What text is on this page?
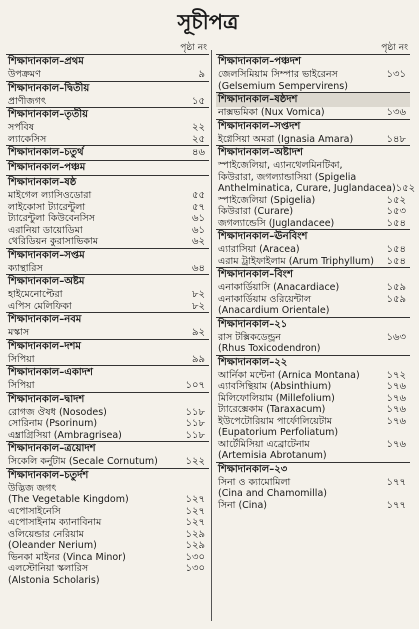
সূচীপত্র
পৃষ্ঠা নং
শিক্ষাদানকাল–প্রথম
উপক্রমণ	৯
শিক্ষাদানকাল–দ্বিতীয়
প্রাণীজগৎ	১৫
শিক্ষাদানকাল–তৃতীয়
সর্পবিষ	২২
ল্যাকেসিস	২৫
শিক্ষাদানকাল–চতুর্থ	৪৬
শিক্ষাদানকাল–পঞ্চম
শিক্ষাদানকাল–ষষ্ঠ
মাইগেল ল্যাসিওডোরা	৫৫
লাইকোসা ট্যারেন্টুলা	৫৭
ট্যারেন্টুলা কিউবেনসিস	৬১
এরানিয়া ডায়োডিমা	৬১
থেরিডিয়ন কুরাসাভিকাম	৬২
শিক্ষাদানকাল–সপ্তম
ক্যান্থারিস	৬৪
শিক্ষাদানকাল–অষ্টম
হাইমেনোপ্টেরা	৮২
এপিস মেলিফিকা	৮২
শিক্ষাদানকাল–নবম
মস্কাস	৯২
শিক্ষাদানকাল–দশম
সিপিয়া	৯৯
শিক্ষাদানকাল–একাদশ
সিপিয়া	১০৭
শিক্ষাদানকাল–দ্বাদশ
রোগজ ঔষধ (Nosodes)	১১৮
সোরিনাম (Psorinum)	১১৮
এম্ব্রাগ্রিসিয়া (Ambragrisea)	১১৮
শিক্ষাদানকাল–ত্রয়োদশ
সিকেলি কর্নুটাম (Secale Cornutum)	১২২
শিক্ষাদানকাল–চতুর্দশ
উদ্ভিজ জগৎ
(The Vegetable Kingdom)	১২৭
এপোসাইনেসি	১২৭
এপোসাইনাম ক্যানাবিনাম	১২৭
ওলিয়েন্ডার নেরিয়াম	১২৯
(Oleander Nerium)	১২৯
ভিনকা মাইনর (Vinca Minor)	১৩০
এলস্টোনিয়া স্কলারিস	১৩০
(Alstonia Scholaris)
পৃষ্ঠা নং
শিক্ষাদানকাল–পঞ্চদশ
জেলসিমিয়াম সিম্পার ভাইরেনস	১৩১
(Gelsemium Sempervirens)
শিক্ষাদানকাল–ষষ্ঠদশ
নাক্সভমিকা (Nux Vomica)	১৩৬
শিক্ষাদানকাল–সপ্তদশ
ইগ্নেসিয়া অমরা (Ignasia Amara)	১৪৮
শিক্ষাদানকাল–অষ্টাদশ
স্পাইজেলিয়া, এ্যানথেলমিনটিকা,
কিউরারা, জগল্যান্ডাসিয়া (Spigelia
Anthelminatica, Curare, Juglandacea) ১৫২
স্পাইজেলিয়া (Spigelia)	১৫২
কিউরারা (Curare)	১৫৩
জগল্যান্ডেসি (Juglandacee)	১৫৪
শিক্ষাদানকাল–ঊনবিংশ
এ্যারাসিয়া (Aracea)	১৫৪
এরাম ট্রাইফাইলাম (Arum Triphyllum)	১৫৪
শিক্ষাদানকাল–বিংশ
এনাকার্ডিয়াসি (Anacardiace)	১৫৯
এনাকার্ডিয়াম ওরিয়েন্টাল	১৫৯
(Anacardium Orientale)
শিক্ষাদানকাল–২১
রাস টক্সিকডেন্ড্রন	১৬৩
(Rhus Toxicodendron)
শিক্ষাদানকাল–২২
আর্নিকা মন্টেনা (Arnica Montana)	১৭২
এ্যাবসিন্থিয়াম (Absinthium)	১৭৬
মিলিফোলিয়াম (Millefolium)	১৭৬
ট্যারেক্সেকাম (Taraxacum)	১৭৬
ইউপেটোরিয়াম পার্ফোলিয়েটাম	১৭৬
(Eupatorium Perfoliatum)
আর্টেমিসিয়া এব্রোটেনাম	১৭৬
(Artemisia Abrotanum)
শিক্ষাদানকাল–২৩
সিনা ও ক্যামোমিলা	১৭৭
(Cina and Chamomilla)
সিনা (Cina)	১৭৭
